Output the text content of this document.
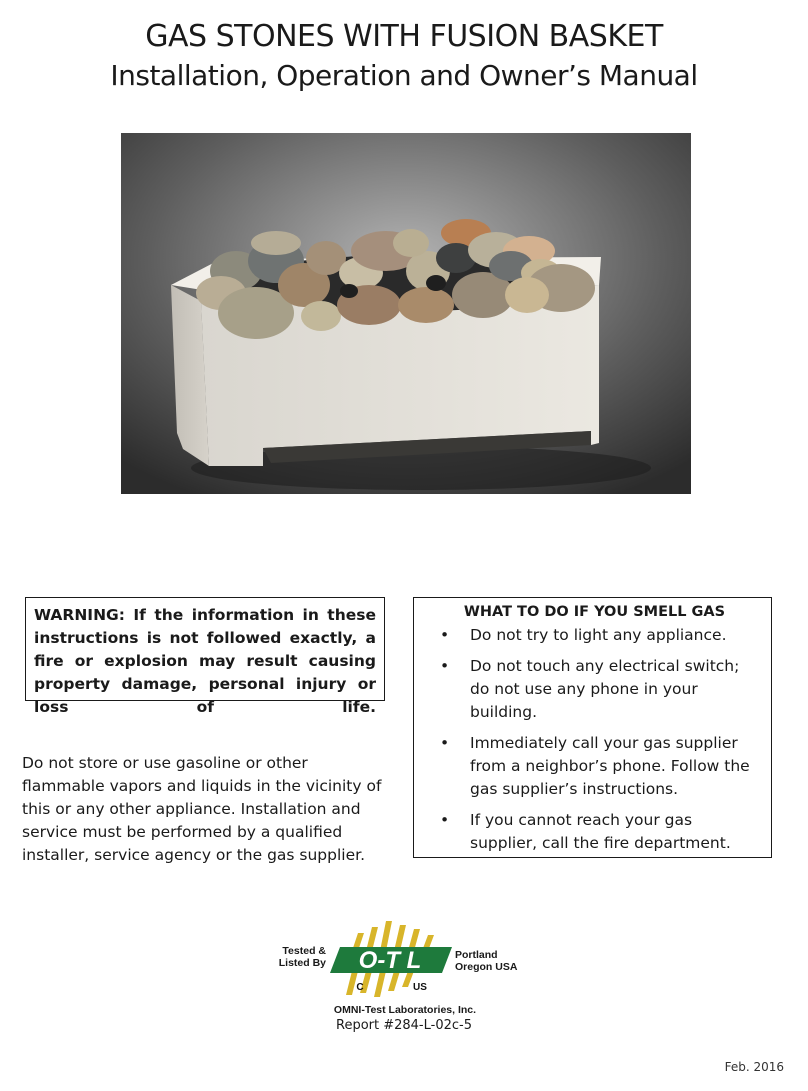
GAS STONES WITH FUSION BASKET
Installation, Operation and Owner’s Manual

WARNING: If the information in these instructions is not followed exactly, a fire or explosion may result causing property damage, personal injury or loss of life.

WHAT TO DO IF YOU SMELL GAS
• Do not try to light any appliance.
• Do not touch any electrical switch; do not use any phone in your building.
• Immediately call your gas supplier from a neighbor’s phone. Follow the gas supplier’s instructions.
• If you cannot reach your gas supplier, call the fire department.

Do not store or use gasoline or other flammable vapors and liquids in the vicinity of this or any other appliance. Installation and service must be performed by a qualified installer, service agency or the gas supplier.

Tested &
Listed By O-T L
C	US
Portland
Oregon USA
OMNI-Test Laboratories, Inc.
Report #284-L-02c-5
Feb. 2016
